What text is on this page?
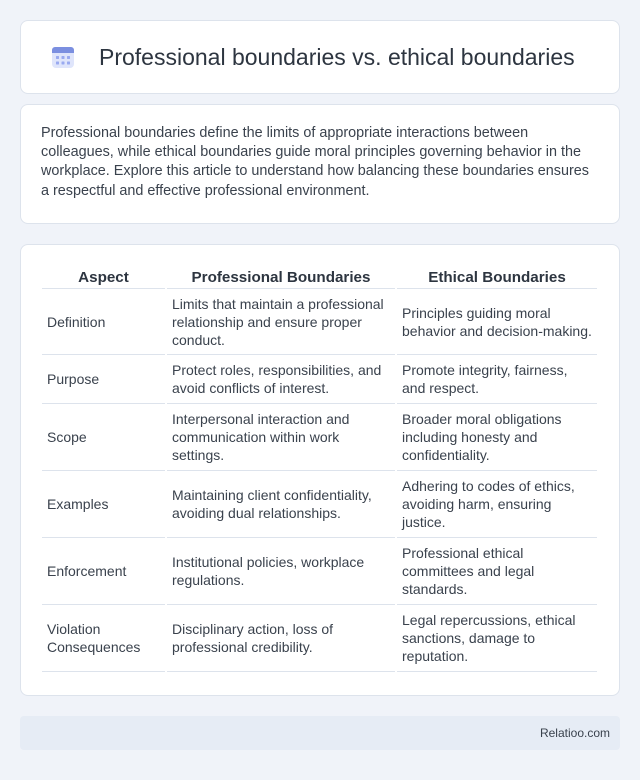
Professional boundaries vs. ethical boundaries

Professional boundaries define the limits of appropriate interactions between colleagues, while ethical boundaries guide moral principles governing behavior in the workplace. Explore this article to understand how balancing these boundaries ensures a respectful and effective professional environment.

Aspect	Professional Boundaries	Ethical Boundaries
Definition	Limits that maintain a professional relationship and ensure proper conduct.	Principles guiding moral behavior and decision-making.
Purpose	Protect roles, responsibilities, and avoid conflicts of interest.	Promote integrity, fairness, and respect.
Scope	Interpersonal interaction and communication within work settings.	Broader moral obligations including honesty and confidentiality.
Examples	Maintaining client confidentiality, avoiding dual relationships.	Adhering to codes of ethics, avoiding harm, ensuring justice.
Enforcement	Institutional policies, workplace regulations.	Professional ethical committees and legal standards.
Violation Consequences	Disciplinary action, loss of professional credibility.	Legal repercussions, ethical sanctions, damage to reputation.
Relatioo.com
